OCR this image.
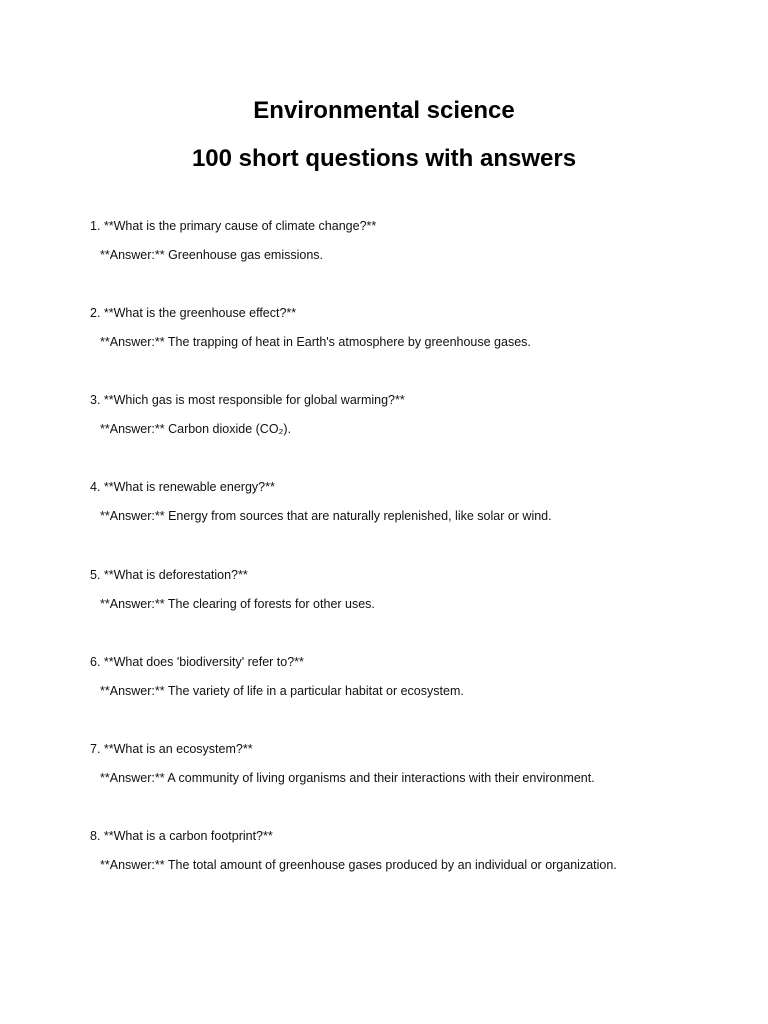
Environmental science
100 short questions with answers
1. **What is the primary cause of climate change?**
**Answer:** Greenhouse gas emissions.
2. **What is the greenhouse effect?**
**Answer:** The trapping of heat in Earth's atmosphere by greenhouse gases.
3. **Which gas is most responsible for global warming?**
**Answer:** Carbon dioxide (CO₂).
4. **What is renewable energy?**
**Answer:** Energy from sources that are naturally replenished, like solar or wind.
5. **What is deforestation?**
**Answer:** The clearing of forests for other uses.
6. **What does 'biodiversity' refer to?**
**Answer:** The variety of life in a particular habitat or ecosystem.
7. **What is an ecosystem?**
**Answer:** A community of living organisms and their interactions with their environment.
8. **What is a carbon footprint?**
**Answer:** The total amount of greenhouse gases produced by an individual or organization.
